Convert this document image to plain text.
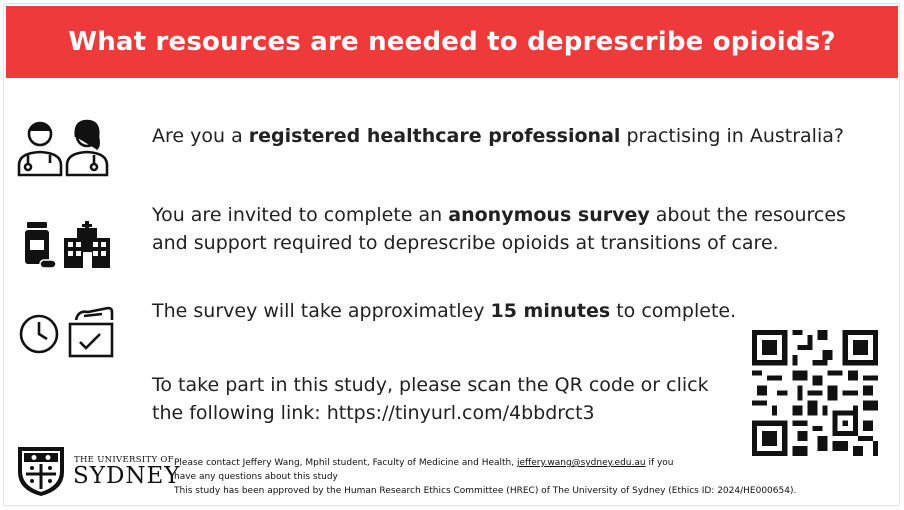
What resources are needed to deprescribe opioids?
Are you a registered healthcare professional practising in Australia?
You are invited to complete an anonymous survey about the resources
and support required to deprescribe opioids at transitions of care.
The survey will take approximatley 15 minutes to complete.
To take part in this study, please scan the QR code or click
the following link: https://tinyurl.com/4bbdrct3
THE UNIVERSITY OF
SYDNEY
Please contact Jeffery Wang, Mphil student, Faculty of Medicine and Health, jeffery.wang@sydney.edu.au if you
have any questions about this study
This study has been approved by the Human Research Ethics Committee (HREC) of The University of Sydney (Ethics ID: 2024/HE000654).
